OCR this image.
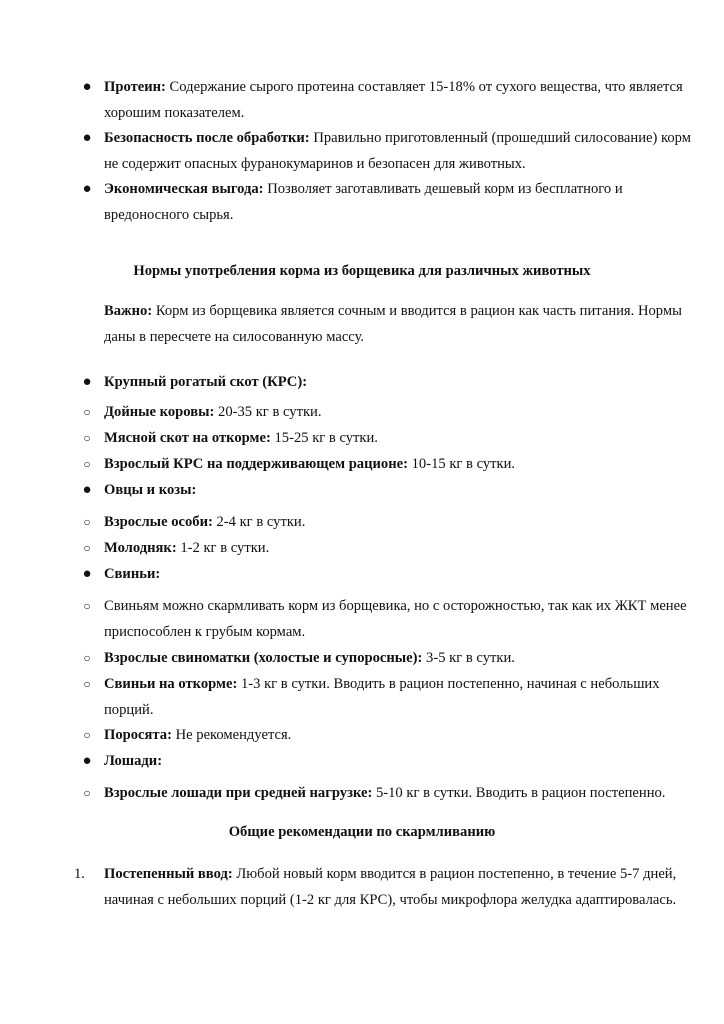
● Протеин: Содержание сырого протеина составляет 15-18% от сухого вещества, что является хорошим показателем.
● Безопасность после обработки: Правильно приготовленный (прошедший силосование) корм не содержит опасных фуранокумаринов и безопасен для животных.
● Экономическая выгода: Позволяет заготавливать дешевый корм из бесплатного и вредоносного сырья.
Нормы употребления корма из борщевика для различных животных
Важно: Корм из борщевика является сочным и вводится в рацион как часть питания. Нормы даны в пересчете на силосованную массу.
● Крупный рогатый скот (КРС):
○ Дойные коровы: 20-35 кг в сутки.
○ Мясной скот на откорме: 15-25 кг в сутки.
○ Взрослый КРС на поддерживающем рационе: 10-15 кг в сутки.
● Овцы и козы:
○ Взрослые особи: 2-4 кг в сутки.
○ Молодняк: 1-2 кг в сутки.
● Свиньи:
○ Свиньям можно скармливать корм из борщевика, но с осторожностью, так как их ЖКТ менее приспособлен к грубым кормам.
○ Взрослые свиноматки (холостые и супоросные): 3-5 кг в сутки.
○ Свиньи на откорме: 1-3 кг в сутки. Вводить в рацион постепенно, начиная с небольших порций.
○ Поросята: Не рекомендуется.
● Лошади:
○ Взрослые лошади при средней нагрузке: 5-10 кг в сутки. Вводить в рацион постепенно.
Общие рекомендации по скармливанию
1.	Постепенный ввод: Любой новый корм вводится в рацион постепенно, в течение 5-7 дней, начиная с небольших порций (1-2 кг для КРС), чтобы микрофлора желудка адаптировалась.
